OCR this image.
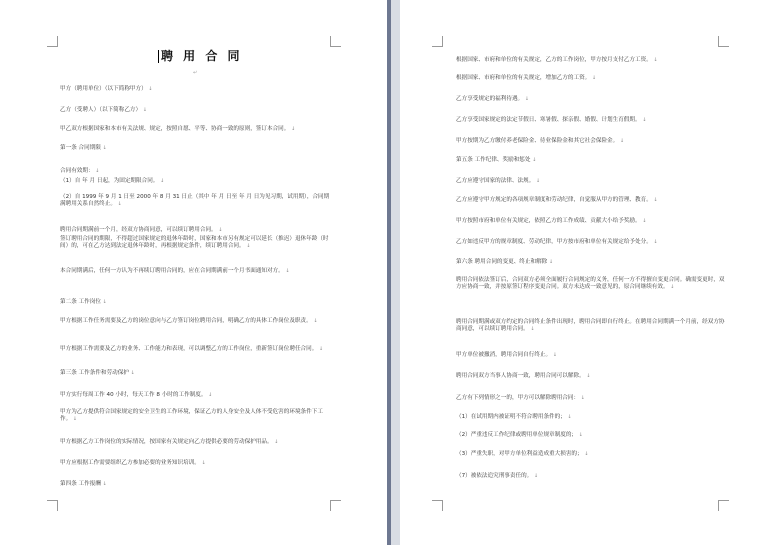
聘 用 合 同
↵
甲方（聘用单位）（以下简称甲方） ↓
乙方（受聘人）（以下简称乙方） ↓
甲乙双方根据国家和本市有关法规、规定，按照自愿、平等、协商一致的原则，签订本合同。 ↓
第一条 合同期限 ↓
合同有效期： ↓
（1）自 年 月 日起，为固定期限合同。 ↓
（2）自 1999 年 9 月 1 日至 2000 年 8 月 31 日止（其中 年 月 日至 年 月 日为见习期，试用期），合同期满聘用关系自然终止。 ↓
聘用合同期满前一个月，经双方协商同意，可以续订聘用合同。 ↓
签订聘用合同的期限，不得超过国家规定的退休年龄时，国家和本市另有规定可以延长（推迟）退休年龄（时间）的，可在乙方达到法定退休年龄时，再根据规定条件，续订聘用合同。 ↓
本合同期满后，任何一方认为不再续订聘用合同的，应在合同期满前一个月书面通知对方。 ↓
第二条 工作岗位 ↓
甲方根据工作任务需要及乙方的岗位意向与乙方签订岗位聘用合同，明确乙方的具体工作岗位及职责。 ↓
甲方根据工作需要及乙方的业务、工作能力和表现，可以调整乙方的工作岗位，重新签订岗位聘任合同。 ↓
第三条 工作条件和劳动保护 ↓
甲方实行每周工作 40 小时，每天工作 8 小时的工作制度。 ↓
甲方为乙方提供符合国家规定的安全卫生的工作环境，保证乙方的人身安全及人体不受危害的环境条件下工作。 ↓
甲方根据乙方工作岗位的实际情况，按国家有关规定向乙方提供必要的劳动保护用品。 ↓
甲方应根据工作需要组织乙方参加必要的业务知识培训。 ↓
第四条 工作报酬 ↓
根据国家、市府和单位的有关规定，乙方的工作岗位，甲方按月支付乙方工资。 ↓
根据国家、市府和单位的有关规定，增加乙方的工资。 ↓
乙方享受规定的福利待遇。 ↓
乙方享受国家规定的法定节假日、寒暑假、探亲假、婚假、计划生育假期。 ↓
甲方按期为乙方缴付养老保险金、待业保险金和其它社会保险金。 ↓
第五条 工作纪律、奖励和惩处 ↓
乙方应遵守国家的法律、法规。 ↓
乙方应遵守甲方规定的各项规章制度和劳动纪律，自觉服从甲方的管理、教育。 ↓
甲方按照市府和单位有关规定，依照乙方的工作成绩、贡献大小给予奖励。 ↓
乙方如违反甲方的规章制度、劳动纪律，甲方按市府和单位有关规定给予处分。 ↓
第六条 聘用合同的变更、终止和解除 ↓
聘用合同依法签订后，合同双方必须全面履行合同规定的义务，任何一方不得擅自变更合同。确需变更时，双方应协商一致，并按原签订程序变更合同。双方未达成一致意见的，原合同继续有效。 ↓
聘用合同期满或双方约定的合同终止条件出现时，聘用合同即自行终止。在聘用合同期满一个月前，经双方协商同意，可以续订聘用合同。 ↓
甲方单位被撤消，聘用合同自行终止。 ↓
聘用合同双方当事人协商一致，聘用合同可以解除。 ↓
乙方有下列情形之一的，甲方可以解除聘用合同： ↓
（1）在试用期内被证明不符合聘用条件的； ↓
（2）严重违反工作纪律或聘用单位规章制度的； ↓
（3）严重失职，对甲方单位利益造成重大损害的； ↓
（7）被依法追究刑事责任的。 ↓
